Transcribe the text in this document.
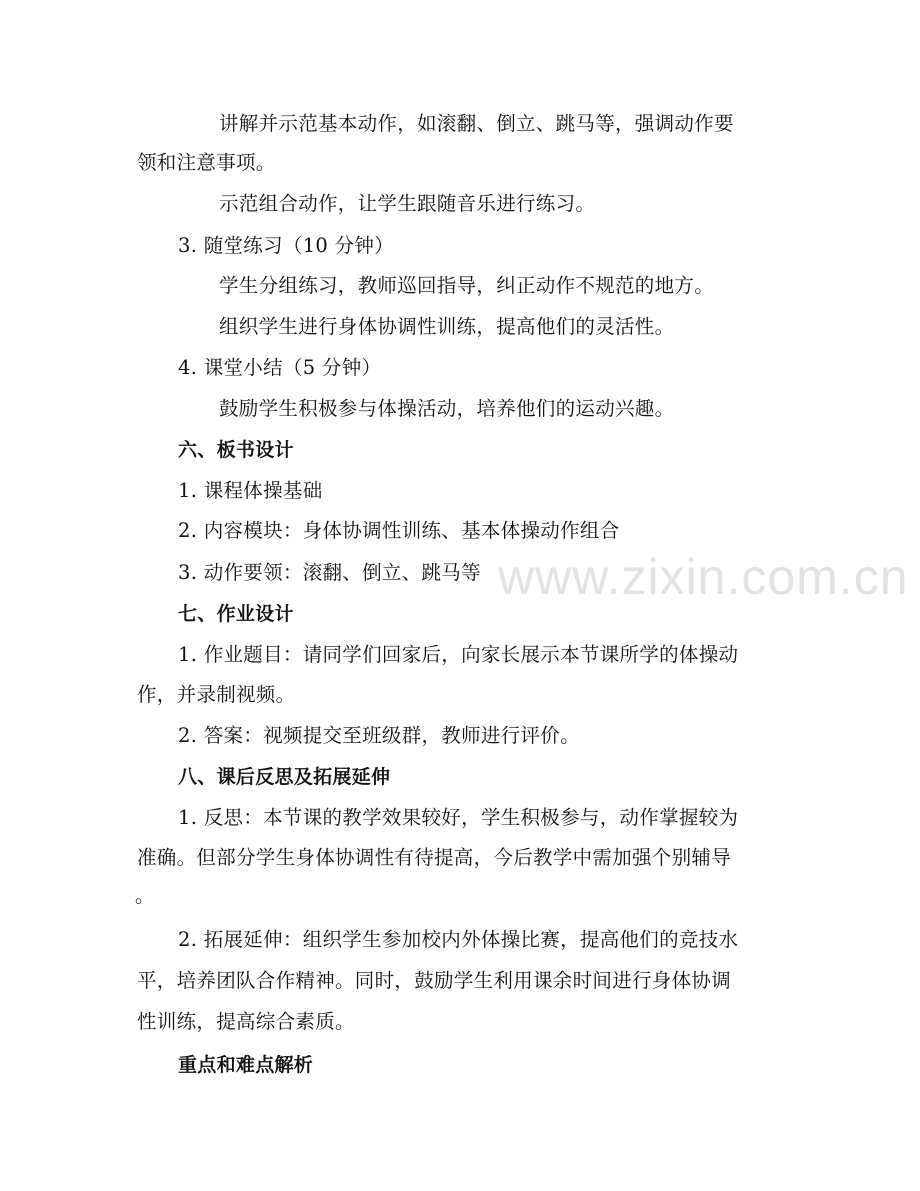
讲解并示范基本动作，如滚翻、倒立、跳马等，强调动作要
领和注意事项。
示范组合动作，让学生跟随音乐进行练习。
3. 随堂练习（10 分钟）
学生分组练习，教师巡回指导，纠正动作不规范的地方。
组织学生进行身体协调性训练，提高他们的灵活性。
4. 课堂小结（5 分钟）
鼓励学生积极参与体操活动，培养他们的运动兴趣。
六、板书设计
1. 课程体操基础
2. 内容模块：身体协调性训练、基本体操动作组合
3. 动作要领：滚翻、倒立、跳马等
七、作业设计
1. 作业题目：请同学们回家后，向家长展示本节课所学的体操动
作，并录制视频。
2. 答案：视频提交至班级群，教师进行评价。
八、课后反思及拓展延伸
1. 反思：本节课的教学效果较好，学生积极参与，动作掌握较为
准确。但部分学生身体协调性有待提高，今后教学中需加强个别辅导
。
2. 拓展延伸：组织学生参加校内外体操比赛，提高他们的竞技水
平，培养团队合作精神。同时，鼓励学生利用课余时间进行身体协调
性训练，提高综合素质。
重点和难点解析
www.zixin.com.cn
